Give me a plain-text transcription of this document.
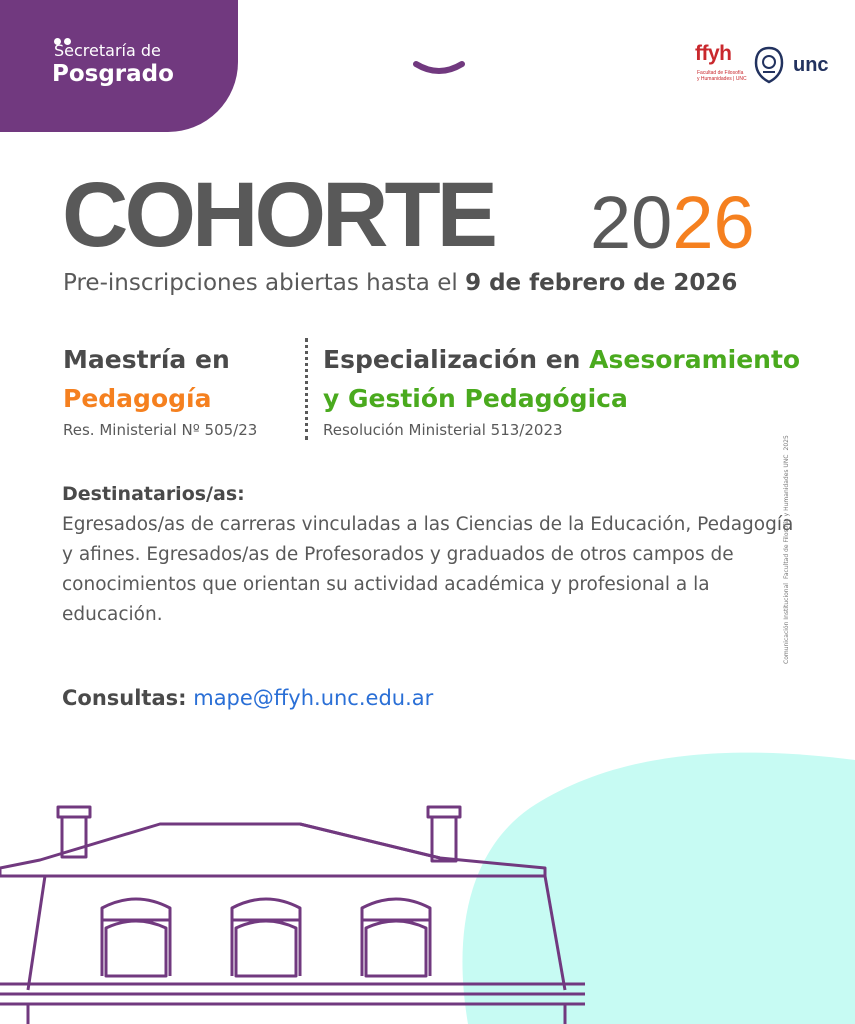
Secretaría de
Posgrado
ffyh
Facultad de Filosofía
y Humanidades | UNC
unc
COHORTE 2026
Pre-inscripciones abiertas hasta el 9 de febrero de 2026
Maestría en
Pedagogía
Res. Ministerial Nº 505/23
Especialización en Asesoramiento
y Gestión Pedagógica
Resolución Ministerial 513/2023
Destinatarios/as:
Egresados/as de carreras vinculadas a las Ciencias de la Educación, Pedagogía y afines. Egresados/as de Profesorados y graduados de otros campos de conocimientos que orientan su actividad académica y profesional a la educación.
Consultas: mape@ffyh.unc.edu.ar
Comunicación InstitucionalFacultad de Filosofía y Humanidades UNC2025
